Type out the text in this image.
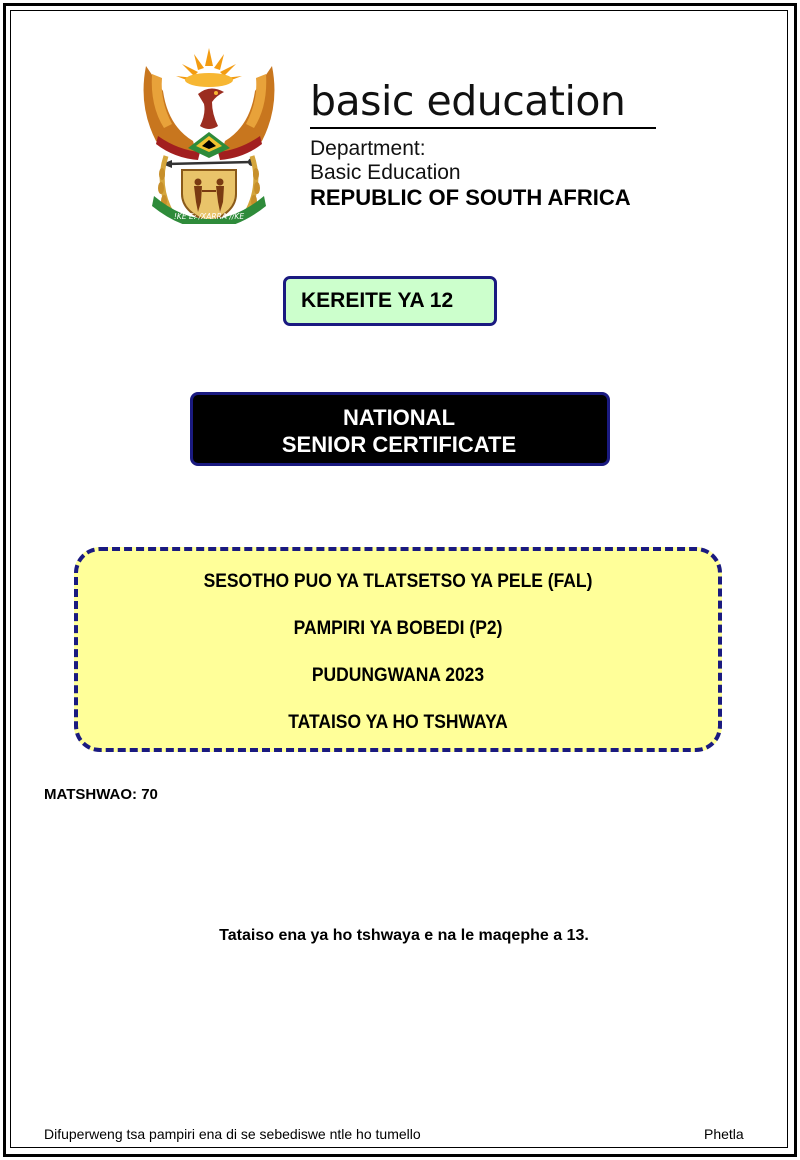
!KE E: /XARRA //KE
basic education
Department:
Basic Education
REPUBLIC OF SOUTH AFRICA
KEREITE YA 12
NATIONAL
SENIOR CERTIFICATE
SESOTHO PUO YA TLATSETSO YA PELE (FAL)
PAMPIRI YA BOBEDI (P2)
PUDUNGWANA 2023
TATAISO YA HO TSHWAYA
MATSHWAO: 70
Tataiso ena ya ho tshwaya e na le maqephe a 13.
Difuperweng tsa pampiri ena di se sebediswe ntle ho tumello	Phetla
